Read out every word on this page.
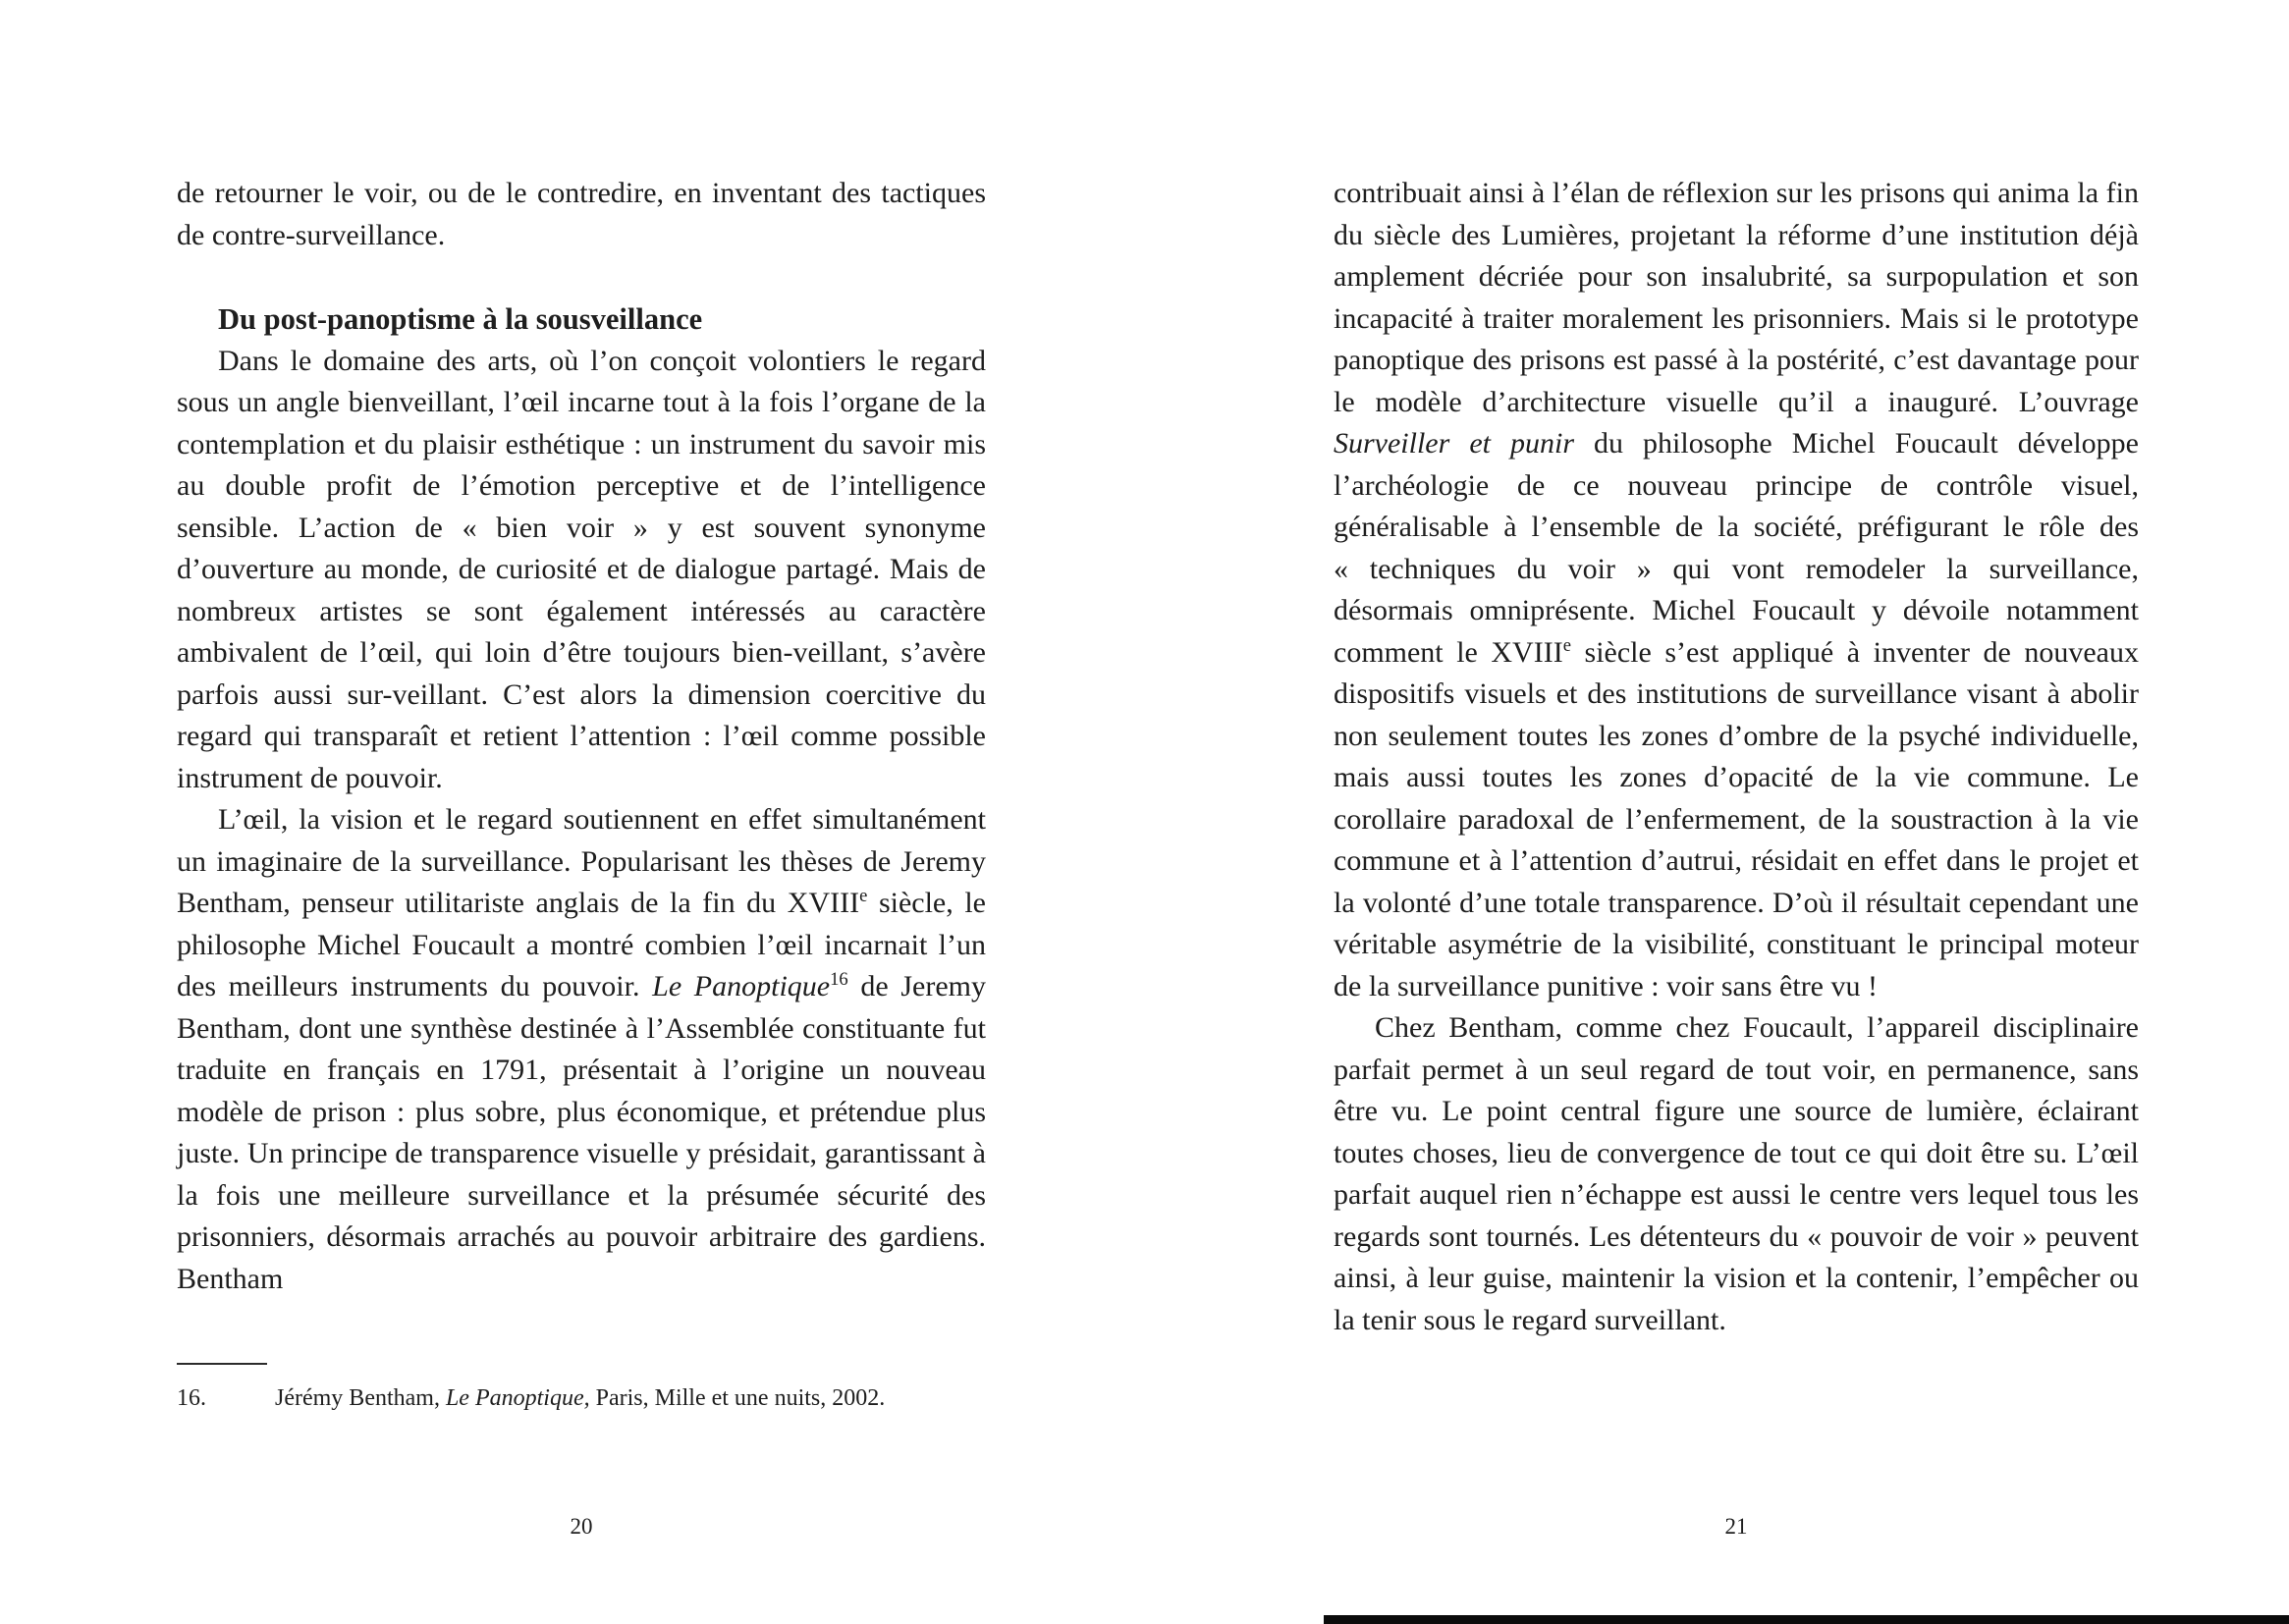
de retourner le voir, ou de le contredire, en inventant des tactiques de contre-surveillance.

Du post-panoptisme à la sousveillance

Dans le domaine des arts, où l’on conçoit volontiers le regard sous un angle bienveillant, l’œil incarne tout à la fois l’organe de la contemplation et du plaisir esthétique : un instrument du savoir mis au double profit de l’émotion perceptive et de l’intelligence sensible. L’action de « bien voir » y est souvent synonyme d’ouverture au monde, de curiosité et de dialogue partagé. Mais de nombreux artistes se sont également intéressés au caractère ambivalent de l’œil, qui loin d’être toujours bien-veillant, s’avère parfois aussi sur-veillant. C’est alors la dimension coercitive du regard qui transparaît et retient l’attention : l’œil comme possible instrument de pouvoir.

L’œil, la vision et le regard soutiennent en effet simultanément un imaginaire de la surveillance. Popularisant les thèses de Jeremy Bentham, penseur utilitariste anglais de la fin du XVIIIe siècle, le philosophe Michel Foucault a montré combien l’œil incarnait l’un des meilleurs instruments du pouvoir. Le Panoptique$^{16}$ de Jeremy Bentham, dont une synthèse destinée à l’Assemblée constituante fut traduite en français en 1791, présentait à l’origine un nouveau modèle de prison : plus sobre, plus économique, et prétendue plus juste. Un principe de transparence visuelle y présidait, garantissant à la fois une meilleure surveillance et la présumée sécurité des prisonniers, désormais arrachés au pouvoir arbitraire des gardiens. Bentham

16.	Jérémy Bentham, Le Panoptique, Paris, Mille et une nuits, 2002.

contribuait ainsi à l’élan de réflexion sur les prisons qui anima la fin du siècle des Lumières, projetant la réforme d’une institution déjà amplement décriée pour son insalubrité, sa surpopulation et son incapacité à traiter moralement les prisonniers. Mais si le prototype panoptique des prisons est passé à la postérité, c’est davantage pour le modèle d’architecture visuelle qu’il a inauguré. L’ouvrage Surveiller et punir du philosophe Michel Foucault développe l’archéologie de ce nouveau principe de contrôle visuel, généralisable à l’ensemble de la société, préfigurant le rôle des « techniques du voir » qui vont remodeler la surveillance, désormais omniprésente. Michel Foucault y dévoile notamment comment le XVIIIe siècle s’est appliqué à inventer de nouveaux dispositifs visuels et des institutions de surveillance visant à abolir non seulement toutes les zones d’ombre de la psyché individuelle, mais aussi toutes les zones d’opacité de la vie commune. Le corollaire paradoxal de l’enfermement, de la soustraction à la vie commune et à l’attention d’autrui, résidait en effet dans le projet et la volonté d’une totale transparence. D’où il résultait cependant une véritable asymétrie de la visibilité, constituant le principal moteur de la surveillance punitive : voir sans être vu !

Chez Bentham, comme chez Foucault, l’appareil disciplinaire parfait permet à un seul regard de tout voir, en permanence, sans être vu. Le point central figure une source de lumière, éclairant toutes choses, lieu de convergence de tout ce qui doit être su. L’œil parfait auquel rien n’échappe est aussi le centre vers lequel tous les regards sont tournés. Les détenteurs du « pouvoir de voir » peuvent ainsi, à leur guise, maintenir la vision et la contenir, l’empêcher ou la tenir sous le regard surveillant.

20	21
